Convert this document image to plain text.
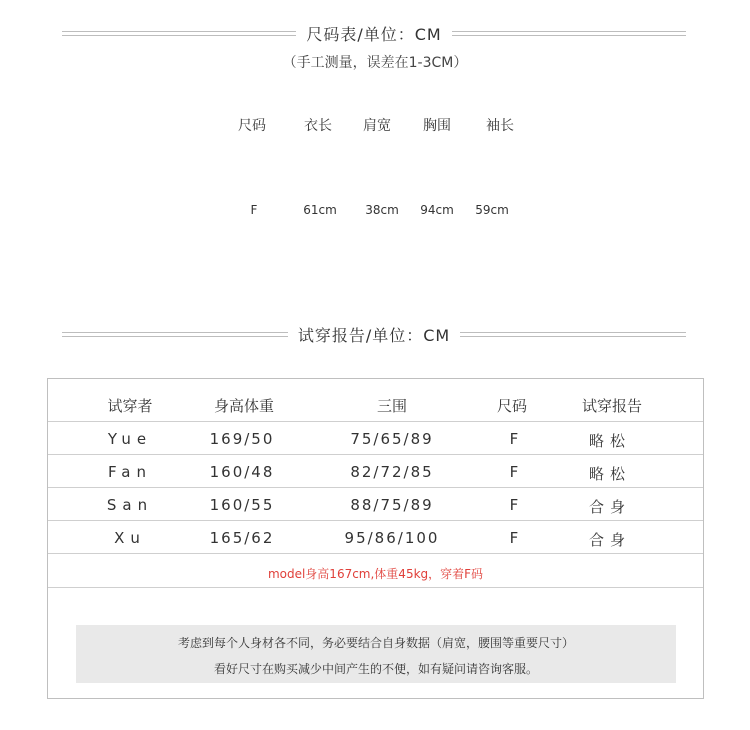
尺码表/单位：CM
（手工测量，误差在1-3CM）
尺码	衣长 肩宽 胸围	袖长
F	61cm 38cm 94cm 59cm
试穿报告/单位：CM
试穿者	身高体重	三围	尺码	试穿报告
Yue	169/50	75/65/89	F	略松
Fan	160/48	82/72/85	F	略松
San	160/55	88/75/89	F	合身
Xu	165/62	95/86/100	F	合身
model身高167cm,体重45kg，穿着F码
考虑到每个人身材各不同，务必要结合自身数据（肩宽，腰围等重要尺寸）
看好尺寸在购买减少中间产生的不便，如有疑问请咨询客服。
